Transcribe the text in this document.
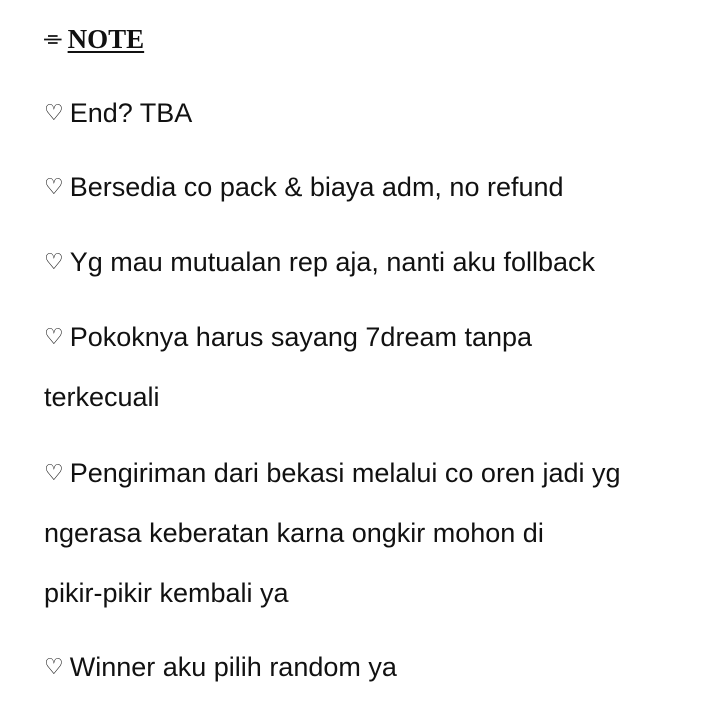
⌯ NOTE
♡ End? TBA
♡ Bersedia co pack & biaya adm, no refund
♡ Yg mau mutualan rep aja, nanti aku follback
♡ Pokoknya harus sayang 7dream tanpa
terkecuali
♡ Pengiriman dari bekasi melalui co oren jadi yg
ngerasa keberatan karna ongkir mohon di
pikir-pikir kembali ya
♡ Winner aku pilih random ya
